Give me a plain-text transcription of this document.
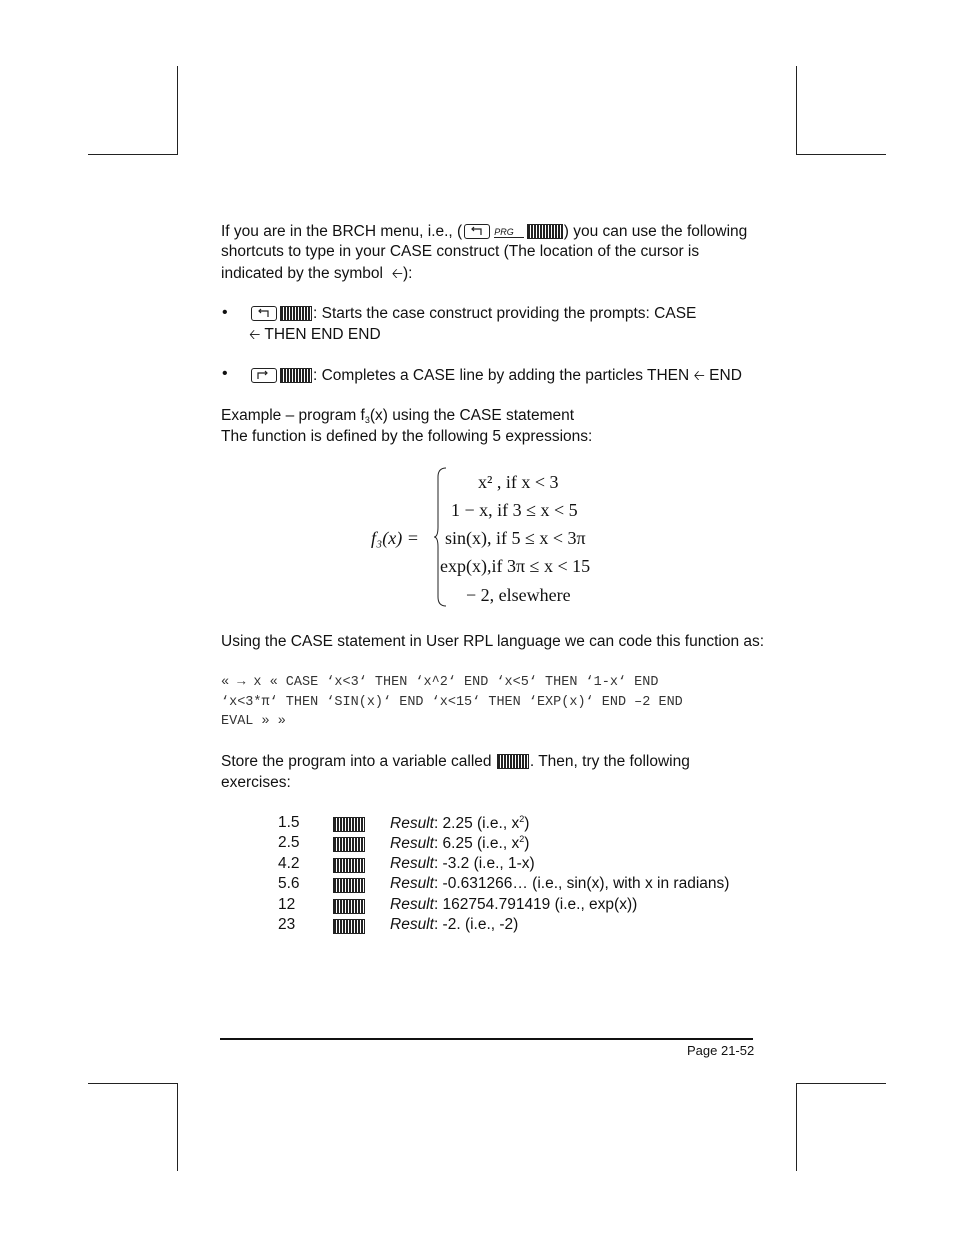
If you are in the BRCH menu, i.e., (	PRG	) you can use the following
shortcuts to type in your CASE construct (The location of the cursor is
indicated by the symbol 🡠):
•	: Starts the case construct providing the prompts: CASE
🡠 THEN END END
•	: Completes a CASE line by adding the particles THEN 🡠 END
Example – program $f_3(x)$ using the CASE statement
The function is defined by the following 5 expressions:
f₃(x) =
x² , if x < 3
1 − x, if 3 ≤ x < 5
sin(x), if 5 ≤ x < 3π
exp(x),if 3π ≤ x < 15
− 2, elsewhere
Using the CASE statement in User RPL language we can code this function as:
« → x « CASE ‘x<3‘ THEN ‘x^2‘ END ‘x<5‘ THEN ‘1-x‘ END
‘x<3*π‘ THEN ‘SIN(x)‘ END ‘x<15‘ THEN ‘EXP(x)‘ END –2 END
EVAL » »
Store the program into a variable called . Then, try the following
exercises:
1.5	Result: 2.25 (i.e., $x^2$)
2.5	Result: 6.25 (i.e., $x^2$)
4.2	Result: -3.2 (i.e., 1-x)
5.6	Result: -0.631266… (i.e., sin(x), with x in radians)
12	Result: 162754.791419 (i.e., exp(x))
23	Result: -2. (i.e., -2)
Page 21-52
